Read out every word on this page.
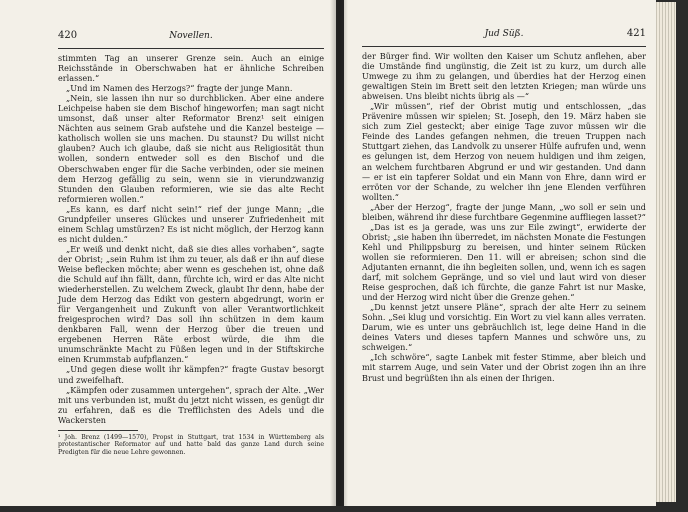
420	Novellen.

stimmten Tag an unserer Grenze sein. Auch an einige Reichsstände in Oberschwaben hat er ähnliche Schreiben erlassen.“

„Und im Namen des Herzogs?“ fragte der junge Mann.

„Nein, sie lassen ihn nur so durchblicken. Aber eine andere Leichpeise haben sie dem Bischof hingeworfen; man sagt nicht umsonst, daß unser alter Reformator Brenz¹ seit einigen Nächten aus seinem Grab aufstehe und die Kanzel besteige — katholisch wollen sie uns machen. Du staunst? Du willst nicht glauben? Auch ich glaube, daß sie nicht aus Religiosität thun wollen, sondern entweder soll es den Bischof und die Oberschwaben enger für die Sache verbinden, oder sie meinen dem Herzog gefällig zu sein, wenn sie in vierundzwanzig Stunden den Glauben reformieren, wie sie das alte Recht reformieren wollen.“

„Es kann, es darf nicht sein!“ rief der junge Mann; „die Grundpfeiler unseres Glückes und unserer Zufriedenheit mit einem Schlag umstürzen? Es ist nicht möglich, der Herzog kann es nicht dulden.“

„Er weiß und denkt nicht, daß sie dies alles vorhaben“, sagte der Obrist; „sein Ruhm ist ihm zu teuer, als daß er ihn auf diese Weise beflecken möchte; aber wenn es geschehen ist, ohne daß die Schuld auf ihn fällt, dann, fürchte ich, wird er das Alte nicht wiederherstellen. Zu welchem Zweck, glaubt Ihr denn, habe der Jude dem Herzog das Edikt von gestern abgedrungt, worin er für Vergangenheit und Zukunft von aller Verantwortlichkeit freigesprochen wird? Das soll ihn schützen in dem kaum denkbaren Fall, wenn der Herzog über die treuen und ergebenen Herren Räte erbost würde, die ihm die unumschränkte Macht zu Füßen legen und in der Stiftskirche einen Krummstab aufpflanzen.“

„Und gegen diese wollt ihr kämpfen?“ fragte Gustav besorgt und zweifelhaft.

„Kämpfen oder zusammen untergehen“, sprach der Alte. „Wer mit uns verbunden ist, mußt du jetzt nicht wissen, es genügt dir zu erfahren, daß es die Trefflichsten des Adels und die Wackersten

¹ Joh. Brenz (1499—1570), Propst in Stuttgart, trat 1534 in Württemberg als protestantischer Reformator auf und hatte bald das ganze Land durch seine Predigten für die neue Lehre gewonnen.
Jud Süß.	421

der Bürger find. Wir wollten den Kaiser um Schutz anflehen, aber die Umstände find ungünstig, die Zeit ist zu kurz, um durch alle Umwege zu ihm zu gelangen, und überdies hat der Herzog einen gewaltigen Stein im Brett seit den letzten Kriegen; man würde uns abweisen. Uns bleibt nichts übrig als —“

„Wir müssen“, rief der Obrist mutig und entschlossen, „das Prävenire müssen wir spielen; St. Joseph, den 19. März haben sie sich zum Ziel gesteckt; aber einige Tage zuvor müssen wir die Feinde des Landes gefangen nehmen, die treuen Truppen nach Stuttgart ziehen, das Landvolk zu unserer Hülfe aufrufen und, wenn es gelungen ist, dem Herzog von neuem huldigen und ihm zeigen, an welchem furchtbaren Abgrund er und wir gestanden. Und dann — er ist ein tapferer Soldat und ein Mann von Ehre, dann wird er erröten vor der Schande, zu welcher ihn jene Elenden verführen wollten.“

„Aber der Herzog“, fragte der junge Mann, „wo soll er sein und bleiben, während ihr diese furchtbare Gegenmine auffliegen lasset?“

„Das ist es ja gerade, was uns zur Eile zwingt“, erwiderte der Obrist; „sie haben ihn überredet, im nächsten Monate die Festungen Kehl und Philippsburg zu bereisen, und hinter seinem Rücken wollen sie reformieren. Den 11. will er abreisen; schon sind die Adjutanten ernannt, die ihn begleiten sollen, und, wenn ich es sagen darf, mit solchem Gepränge, und so viel und laut wird von dieser Reise gesprochen, daß ich fürchte, die ganze Fahrt ist nur Maske, und der Herzog wird nicht über die Grenze gehen.“

„Du kennst jetzt unsere Pläne“, sprach der alte Herr zu seinem Sohn. „Sei klug und vorsichtig. Ein Wort zu viel kann alles verraten. Darum, wie es unter uns gebräuchlich ist, lege deine Hand in die deines Vaters und dieses tapfern Mannes und schwöre uns, zu schweigen.“

„Ich schwöre“, sagte Lanbek mit fester Stimme, aber bleich und mit starrem Auge, und sein Vater und der Obrist zogen ihn an ihre Brust und begrüßten ihn als einen der Ihrigen.
